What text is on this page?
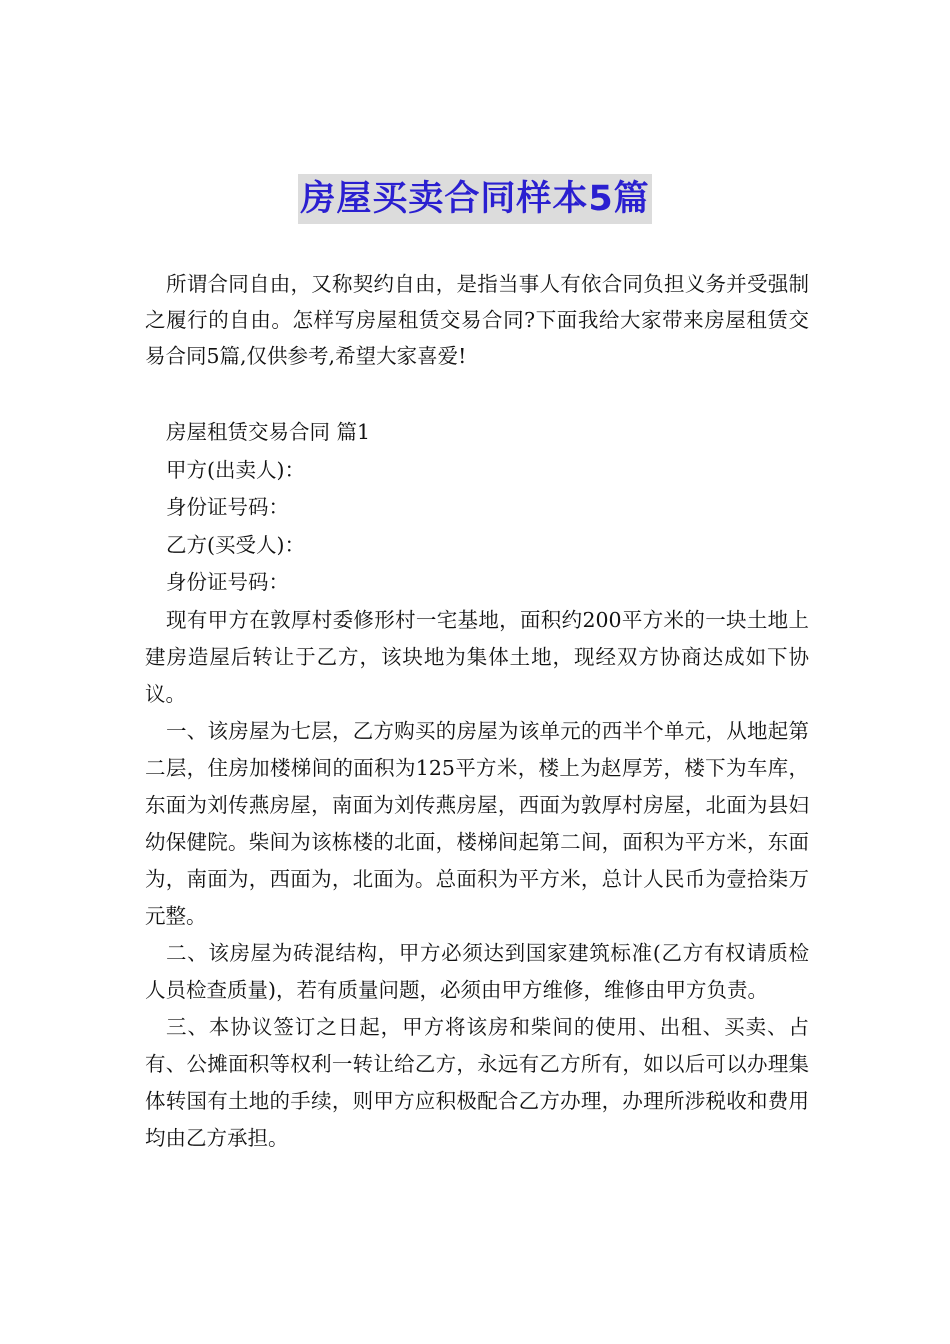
房屋买卖合同样本5篇

所谓合同自由，又称契约自由，是指当事人有依合同负担义务并受强制之履行的自由。怎样写房屋租赁交易合同?下面我给大家带来房屋租赁交易合同5篇,仅供参考,希望大家喜爱!

房屋租赁交易合同 篇1

甲方(出卖人)：

身份证号码：

乙方(买受人)：

身份证号码：

现有甲方在敦厚村委修形村一宅基地，面积约200平方米的一块土地上建房造屋后转让于乙方，该块地为集体土地，现经双方协商达成如下协议。

一、该房屋为七层，乙方购买的房屋为该单元的西半个单元，从地起第二层，住房加楼梯间的面积为125平方米，楼上为赵厚芳，楼下为车库，东面为刘传燕房屋，南面为刘传燕房屋，西面为敦厚村房屋，北面为县妇幼保健院。柴间为该栋楼的北面，楼梯间起第二间，面积为平方米，东面为，南面为，西面为，北面为。总面积为平方米，总计人民币为壹拾柒万元整。

二、该房屋为砖混结构，甲方必须达到国家建筑标准(乙方有权请质检人员检查质量)，若有质量问题，必须由甲方维修，维修由甲方负责。

三、本协议签订之日起，甲方将该房和柴间的使用、出租、买卖、占有、公摊面积等权利一转让给乙方，永远有乙方所有，如以后可以办理集体转国有土地的手续，则甲方应积极配合乙方办理，办理所涉税收和费用均由乙方承担。
